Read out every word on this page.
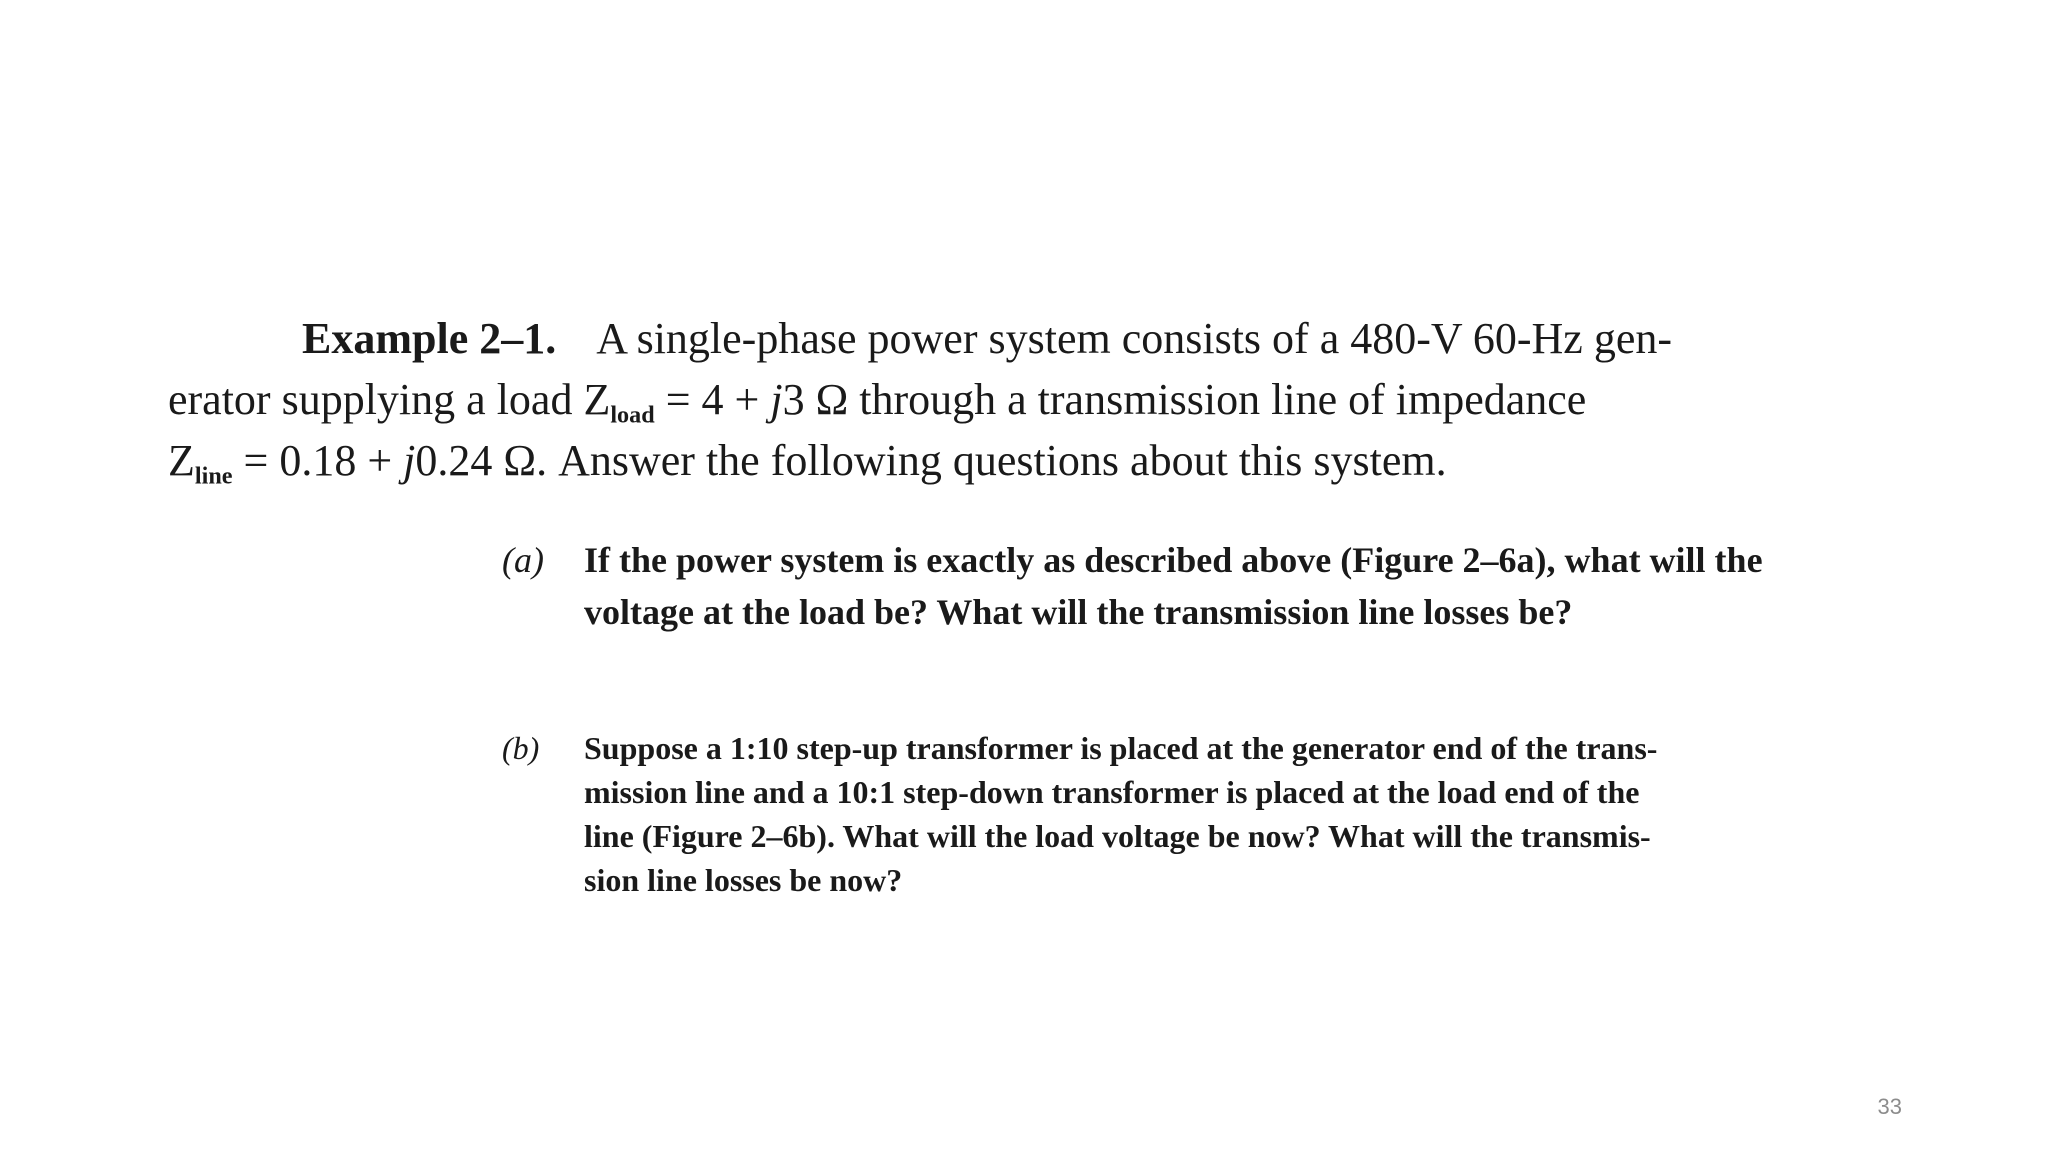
Example 2–1. A single-phase power system consists of a 480-V 60-Hz gen-
erator supplying a load $Z_{load} = 4 + j3$ Ω through a transmission line of impedance
$Z_{line} = 0.18 + j0.24$ Ω. Answer the following questions about this system.
(a)	If the power system is exactly as described above (Figure 2–6a), what will the
voltage at the load be? What will the transmission line losses be?
(b)	Suppose a 1:10 step-up transformer is placed at the generator end of the trans-
mission line and a 10:1 step-down transformer is placed at the load end of the
line (Figure 2–6b). What will the load voltage be now? What will the transmis-
sion line losses be now?
33
